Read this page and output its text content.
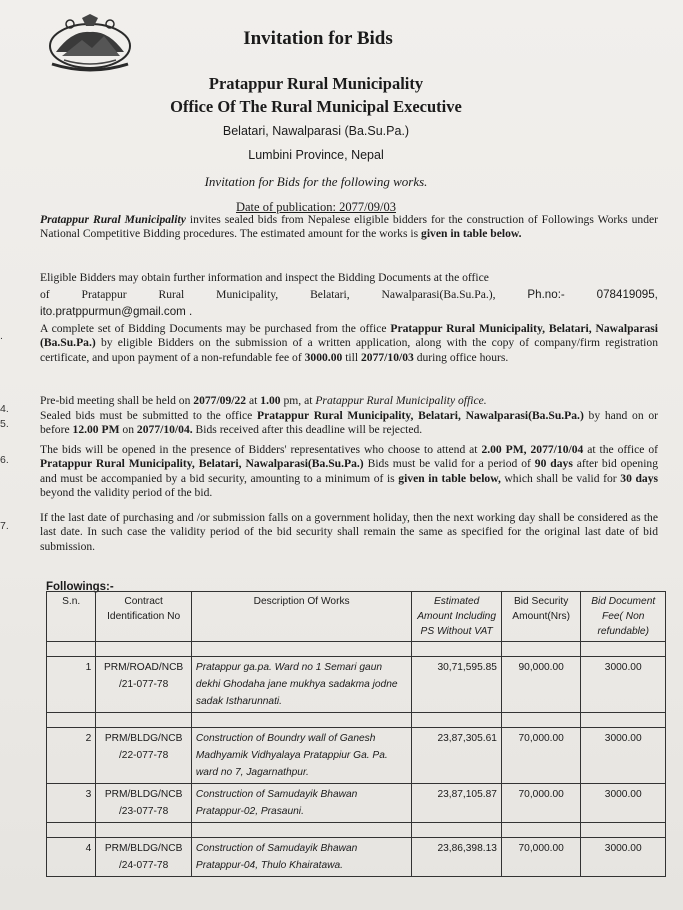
Invitation for Bids
Pratappur Rural Municipality
Office Of The Rural Municipal Executive
Belatari, Nawalparasi (Ba.Su.Pa.)
Lumbini Province, Nepal
Invitation for Bids for the following works.
Date of publication: 2077/09/03
Pratappur Rural Municipality invites sealed bids from Nepalese eligible bidders for the construction of Followings Works under National Competitive Bidding procedures. The estimated amount for the works is given in table below.
Eligible Bidders may obtain further information and inspect the Bidding Documents at the office
of	Pratappur	Rural	Municipality,	Belatari,	Nawalparasi(Ba.Su.Pa.),	Ph.no:-	078419095,
ito.pratppurmun@gmail.com .
.
A complete set of Bidding Documents may be purchased from the office Pratappur Rural Municipality, Belatari, Nawalparasi (Ba.Su.Pa.) by eligible Bidders on the submission of a written application, along with the copy of company/firm registration certificate, and upon payment of a non-refundable fee of 3000.00 till 2077/10/03 during office hours.
4.
Pre-bid meeting shall be held on 2077/09/22 at 1.00 pm, at Pratappur Rural Municipality office.
5.
Sealed bids must be submitted to the office Pratappur Rural Municipality, Belatari, Nawalparasi(Ba.Su.Pa.) by hand on or before 12.00 PM on 2077/10/04. Bids received after this deadline will be rejected.
6.
The bids will be opened in the presence of Bidders' representatives who choose to attend at 2.00 PM, 2077/10/04 at the office of Pratappur Rural Municipality, Belatari, Nawalparasi(Ba.Su.Pa.) Bids must be valid for a period of 90 days after bid opening and must be accompanied by a bid security, amounting to a minimum of is given in table below, which shall be valid for 30 days beyond the validity period of the bid.
7.
If the last date of purchasing and /or submission falls on a government holiday, then the next working day shall be considered as the last date. In such case the validity period of the bid security shall remain the same as specified for the original last date of bid submission.
Followings:-
S.n.	Contract Identification No	Description Of Works	Estimated Amount Including PS Without VAT	Bid Security Amount(Nrs)	Bid Document Fee( Non refundable)

1	PRM/ROAD/NCB /21-077-78	Pratappur ga.pa. Ward no 1 Semari gaun dekhi Ghodaha jane mukhya sadakma jodne sadak Istharunnati.	30,71,595.85	90,000.00	3000.00

2	PRM/BLDG/NCB /22-077-78	Construction of Boundry wall of Ganesh Madhyamik Vidhyalaya Pratappiur Ga. Pa. ward no 7, Jagarnathpur.	23,87,305.61	70,000.00	3000.00
3	PRM/BLDG/NCB /23-077-78	Construction of Samudayik Bhawan Pratappur-02, Prasauni.	23,87,105.87	70,000.00	3000.00

4	PRM/BLDG/NCB /24-077-78	Construction of Samudayik Bhawan Pratappur-04, Thulo Khairatawa.	23,86,398.13	70,000.00	3000.00
